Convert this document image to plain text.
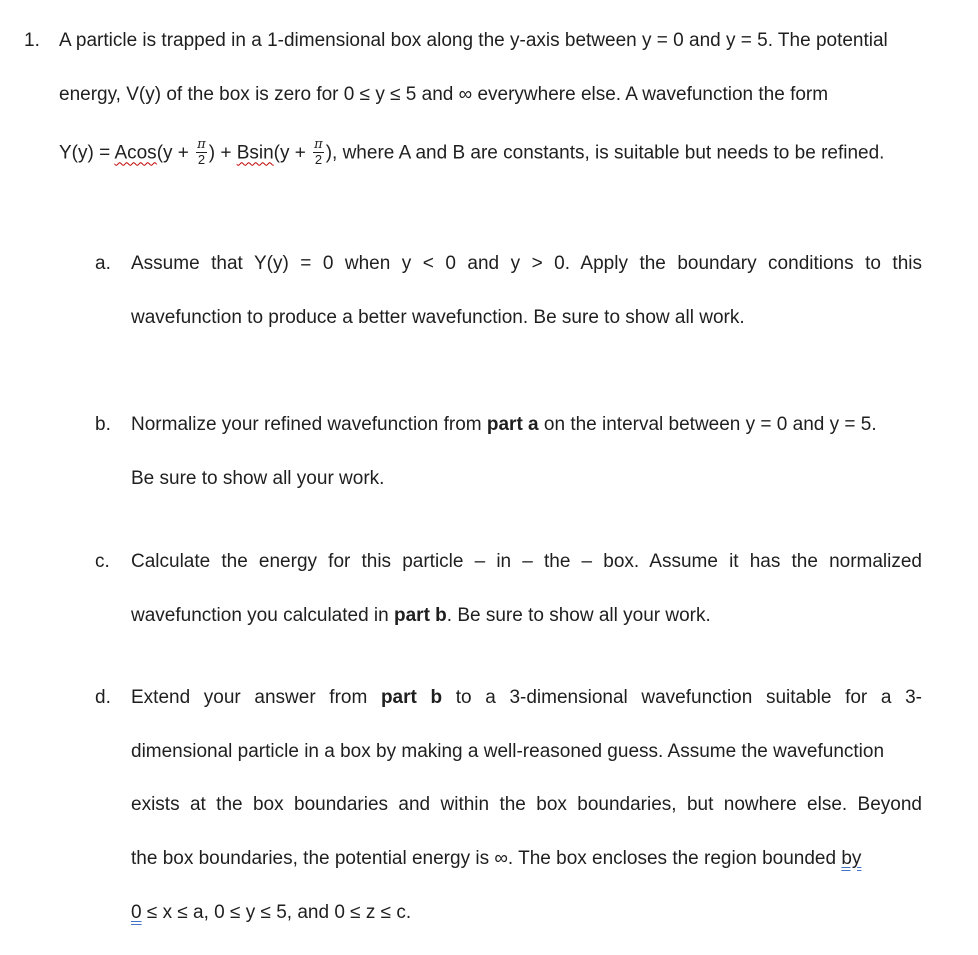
1. A particle is trapped in a 1-dimensional box along the y-axis between y = 0 and y = 5. The potential
energy, V(y) of the box is zero for 0 ≤ y ≤ 5 and ∞ everywhere else. A wavefunction the form
$Y(y) = Acos(y + \frac{\pi}{2}$ ) + $Bsin(y + \frac{\pi}{2}$ ), where A and B are constants, is suitable but needs to be refined.
a. Assume that Y(y) = 0 when y < 0 and y > 0. Apply the boundary conditions to this
wavefunction to produce a better wavefunction. Be sure to show all work.
b. Normalize your refined wavefunction from part a on the interval between y = 0 and y = 5.
Be sure to show all your work.
c. Calculate the energy for this particle – in – the – box. Assume it has the normalized
wavefunction you calculated in part b. Be sure to show all your work.
d. Extend your answer from part b to a 3-dimensional wavefunction suitable for a 3-
dimensional particle in a box by making a well-reasoned guess. Assume the wavefunction
exists at the box boundaries and within the box boundaries, but nowhere else. Beyond
the box boundaries, the potential energy is ∞. The box encloses the region bounded by
0 ≤ x ≤ a, 0 ≤ y ≤ 5, and 0 ≤ z ≤ c.
